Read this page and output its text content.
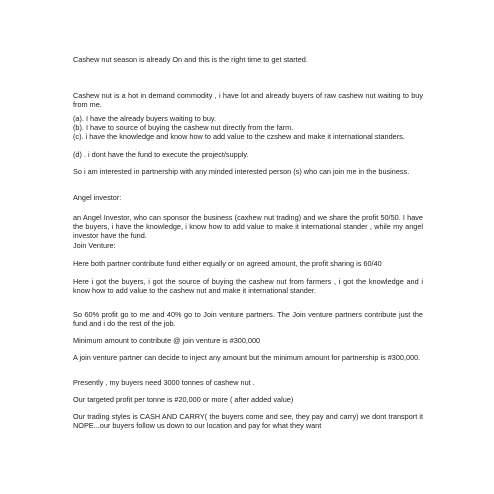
Cashew nut season is already On and this is the right time to get started.

Cashew nut is a hot in demand commodity , i have lot and already buyers of raw cashew nut waiting to buy from me.

(a). I have the already buyers waiting to buy.

(b). I have to source of buying the cashew nut directly from the farm.

(c). i have the knowledge and know how to add value to the czshew and make it international standers.

(d) . i dont have the fund to execute the project/supply.

So i am interested in partnership with any minded interested person (s) who can join me in the business.

Angel investor:

an Angel Investor, who can sponsor the business (caxhew nut trading) and we share the profit 50/50. I have the buyers, i have the knowledge, i know how to add value to make it international stander , while my angel investor have the fund.

Join Venture:

Here both partner contribute fund either equally or on agreed amount, the profit sharing is 60/40

Here i got the buyers, i got the source of buying the cashew nut from farmers , i got the knowledge and i know how to add value to the cashew nut and make it international stander.

So 60% profit go to me and 40% go to Join venture partners. The Join venture partners contribute just the fund and i do the rest of the job.

Minimum amount to contribute @ join venture is #300,000

A join venture partner can decide to inject any amount but the minimum amount for partnership is #300,000.

Presently , my buyers need 3000 tonnes of cashew nut .

Our targeted profit per tonne is #20,000 or more ( after added value)

Our trading styles is CASH AND CARRY( the buyers come and see, they pay and carry) we dont transport it NOPE...our buyers follow us down to our location and pay for what they want
